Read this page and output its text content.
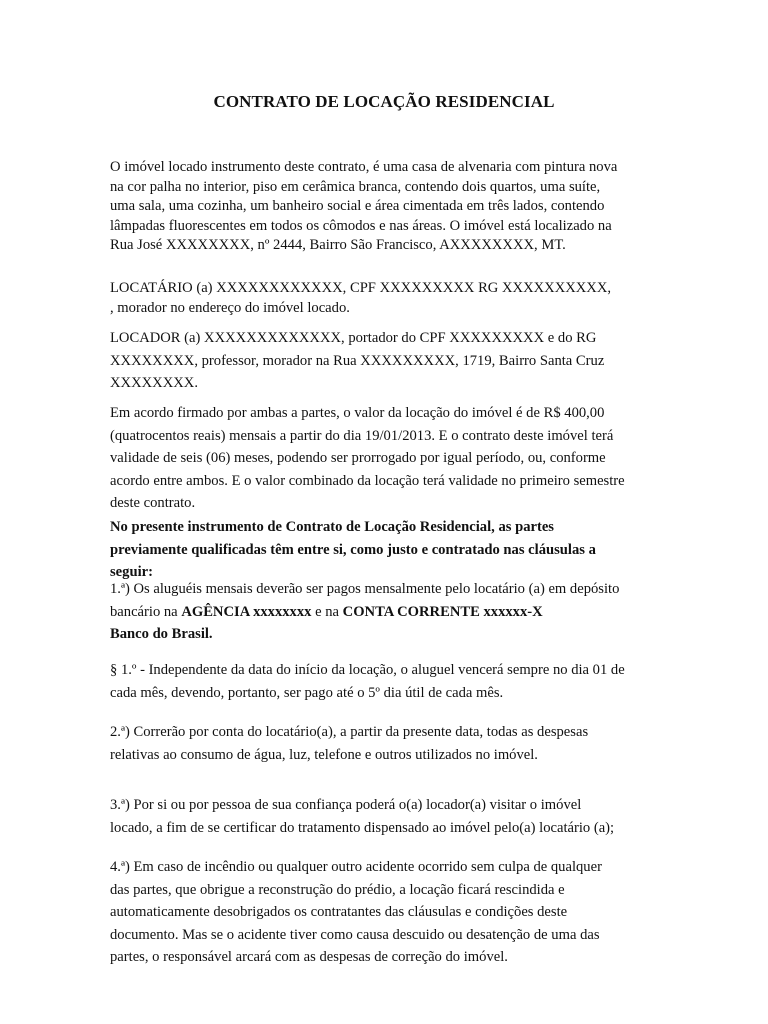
CONTRATO DE LOCAÇÃO RESIDENCIAL
O imóvel locado instrumento deste contrato, é uma casa de alvenaria com pintura nova
na cor palha no interior, piso em cerâmica branca, contendo dois quartos, uma suíte,
uma sala, uma cozinha, um banheiro social e área cimentada em três lados, contendo
lâmpadas fluorescentes em todos os cômodos e nas áreas. O imóvel está localizado na
Rua José XXXXXXXX, nº 2444, Bairro São Francisco, AXXXXXXXX, MT.
LOCATÁRIO (a) XXXXXXXXXXXX, CPF XXXXXXXXX RG XXXXXXXXXX,
, morador no endereço do imóvel locado.
LOCADOR (a) XXXXXXXXXXXXX, portador do CPF XXXXXXXXX e do RG
XXXXXXXX, professor, morador na Rua XXXXXXXXX, 1719, Bairro Santa Cruz
XXXXXXXX.
Em acordo firmado por ambas a partes, o valor da locação do imóvel é de R$ 400,00
(quatrocentos reais) mensais a partir do dia 19/01/2013. E o contrato deste imóvel terá
validade de seis (06) meses, podendo ser prorrogado por igual período, ou, conforme
acordo entre ambos. E o valor combinado da locação terá validade no primeiro semestre
deste contrato.
No presente instrumento de Contrato de Locação Residencial, as partes
previamente qualificadas têm entre si, como justo e contratado nas cláusulas a
seguir:
1.ª) Os aluguéis mensais deverão ser pagos mensalmente pelo locatário (a) em depósito
bancário na AGÊNCIA xxxxxxxx e na CONTA CORRENTE xxxxxx-X
Banco do Brasil.
§ 1.º - Independente da data do início da locação, o aluguel vencerá sempre no dia 01 de
cada mês, devendo, portanto, ser pago até o 5º dia útil de cada mês.
2.ª) Correrão por conta do locatário(a), a partir da presente data, todas as despesas
relativas ao consumo de água, luz, telefone e outros utilizados no imóvel.
3.ª) Por si ou por pessoa de sua confiança poderá o(a) locador(a) visitar o imóvel
locado, a fim de se certificar do tratamento dispensado ao imóvel pelo(a) locatário (a);
4.ª) Em caso de incêndio ou qualquer outro acidente ocorrido sem culpa de qualquer
das partes, que obrigue a reconstrução do prédio, a locação ficará rescindida e
automaticamente desobrigados os contratantes das cláusulas e condições deste
documento. Mas se o acidente tiver como causa descuido ou desatenção de uma das
partes, o responsável arcará com as despesas de correção do imóvel.
